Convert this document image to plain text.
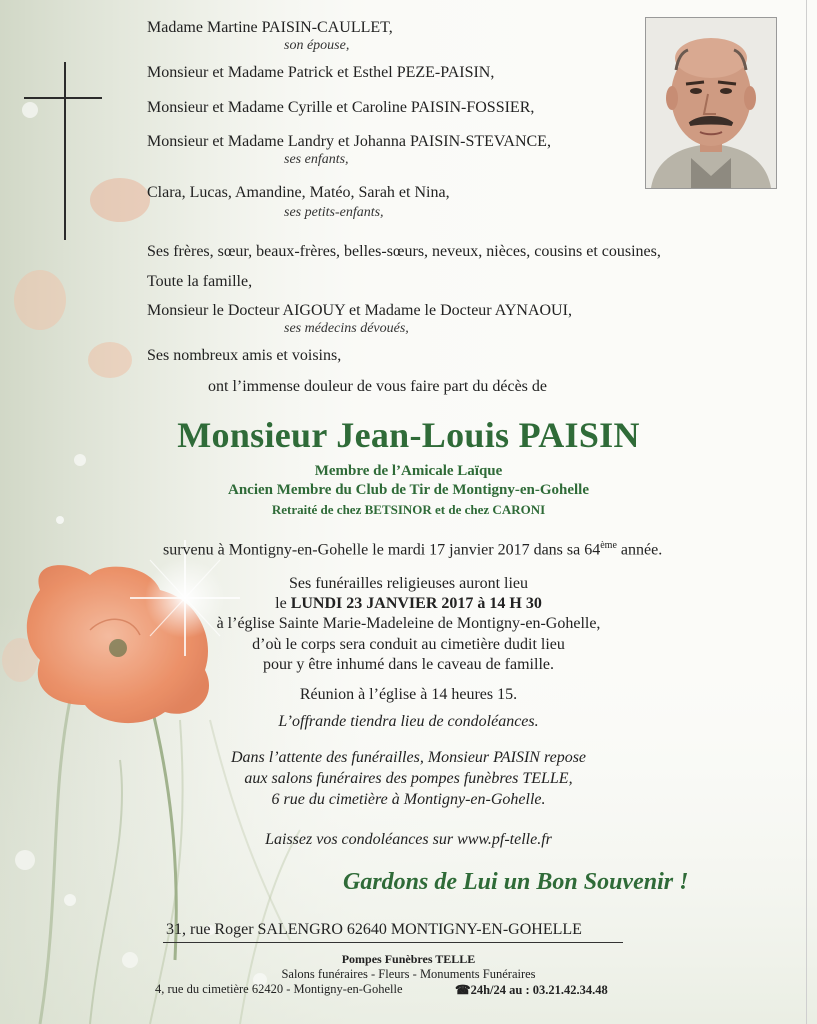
Madame Martine PAISIN-CAULLET,
son épouse,
Monsieur et Madame Patrick et Esthel PEZE-PAISIN,
Monsieur et Madame Cyrille et Caroline PAISIN-FOSSIER,
Monsieur et Madame Landry et Johanna PAISIN-STEVANCE,
ses enfants,
Clara, Lucas, Amandine, Matéo, Sarah et Nina,
ses petits-enfants,
Ses frères, sœur, beaux-frères, belles-sœurs, neveux, nièces, cousins et cousines,
Toute la famille,
Monsieur le Docteur AIGOUY et Madame le Docteur AYNAOUI,
ses médecins dévoués,
Ses nombreux amis et voisins,
ont l’immense douleur de vous faire part du décès de
Monsieur Jean-Louis PAISIN
Membre de l’Amicale Laïque
Ancien Membre du Club de Tir de Montigny-en-Gohelle
Retraité de chez BETSINOR et de chez CARONI
survenu à Montigny-en-Gohelle le mardi 17 janvier 2017 dans sa 64ème année.
Ses funérailles religieuses auront lieu
le LUNDI 23 JANVIER 2017 à 14 H 30
à l’église Sainte Marie-Madeleine de Montigny-en-Gohelle,
d’où le corps sera conduit au cimetière dudit lieu
pour y être inhumé dans le caveau de famille.
Réunion à l’église à 14 heures 15.
L’offrande tiendra lieu de condoléances.
Dans l’attente des funérailles, Monsieur PAISIN repose
aux salons funéraires des pompes funèbres TELLE,
6 rue du cimetière à Montigny-en-Gohelle.
Laissez vos condoléances sur www.pf-telle.fr
Gardons de Lui un Bon Souvenir !
31, rue Roger SALENGRO 62640 MONTIGNY-EN-GOHELLE
Pompes Funèbres TELLE
Salons funéraires - Fleurs - Monuments Funéraires
4, rue du cimetière 62420 - Montigny-en-Gohelle	☎24h/24 au : 03.21.42.34.48
